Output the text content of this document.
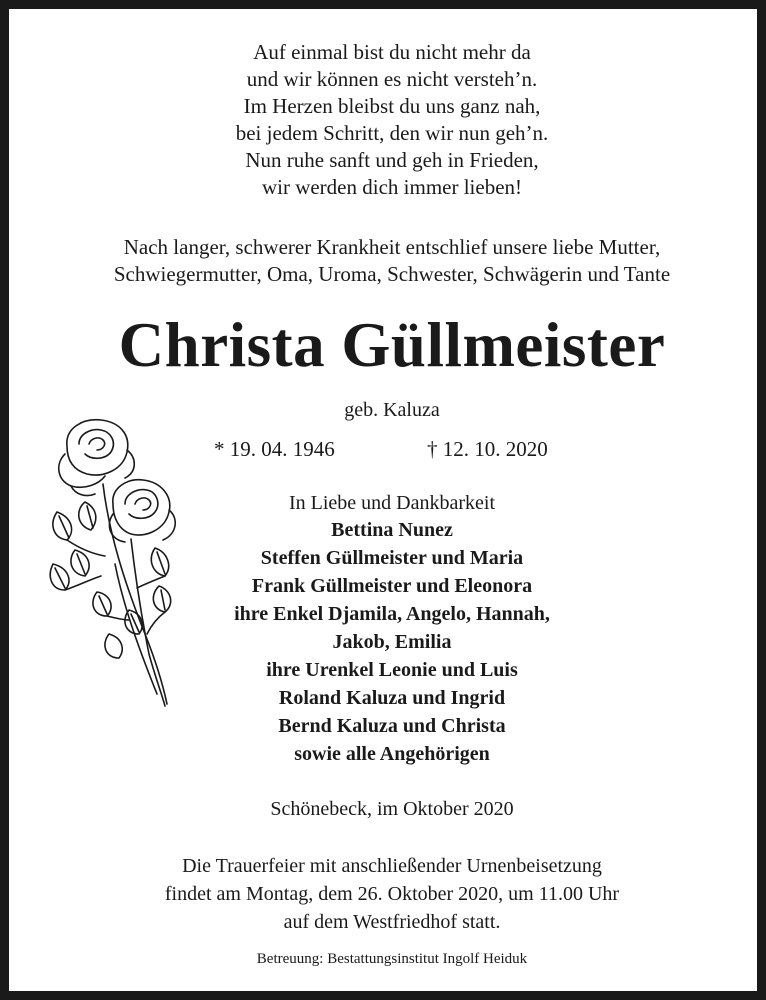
Auf einmal bist du nicht mehr da
und wir können es nicht versteh’n.
Im Herzen bleibst du uns ganz nah,
bei jedem Schritt, den wir nun geh’n.
Nun ruhe sanft und geh in Frieden,
wir werden dich immer lieben!
Nach langer, schwerer Krankheit entschlief unsere liebe Mutter,
Schwiegermutter, Oma, Uroma, Schwester, Schwägerin und Tante
Christa Güllmeister
geb. Kaluza
* 19. 04. 1946	† 12. 10. 2020
In Liebe und Dankbarkeit
Bettina Nunez
Steffen Güllmeister und Maria
Frank Güllmeister und Eleonora
ihre Enkel Djamila, Angelo, Hannah,
Jakob, Emilia
ihre Urenkel Leonie und Luis
Roland Kaluza und Ingrid
Bernd Kaluza und Christa
sowie alle Angehörigen
Schönebeck, im Oktober 2020
Die Trauerfeier mit anschließender Urnenbeisetzung
findet am Montag, dem 26. Oktober 2020, um 11.00 Uhr
auf dem Westfriedhof statt.
Betreuung: Bestattungsinstitut Ingolf Heiduk
